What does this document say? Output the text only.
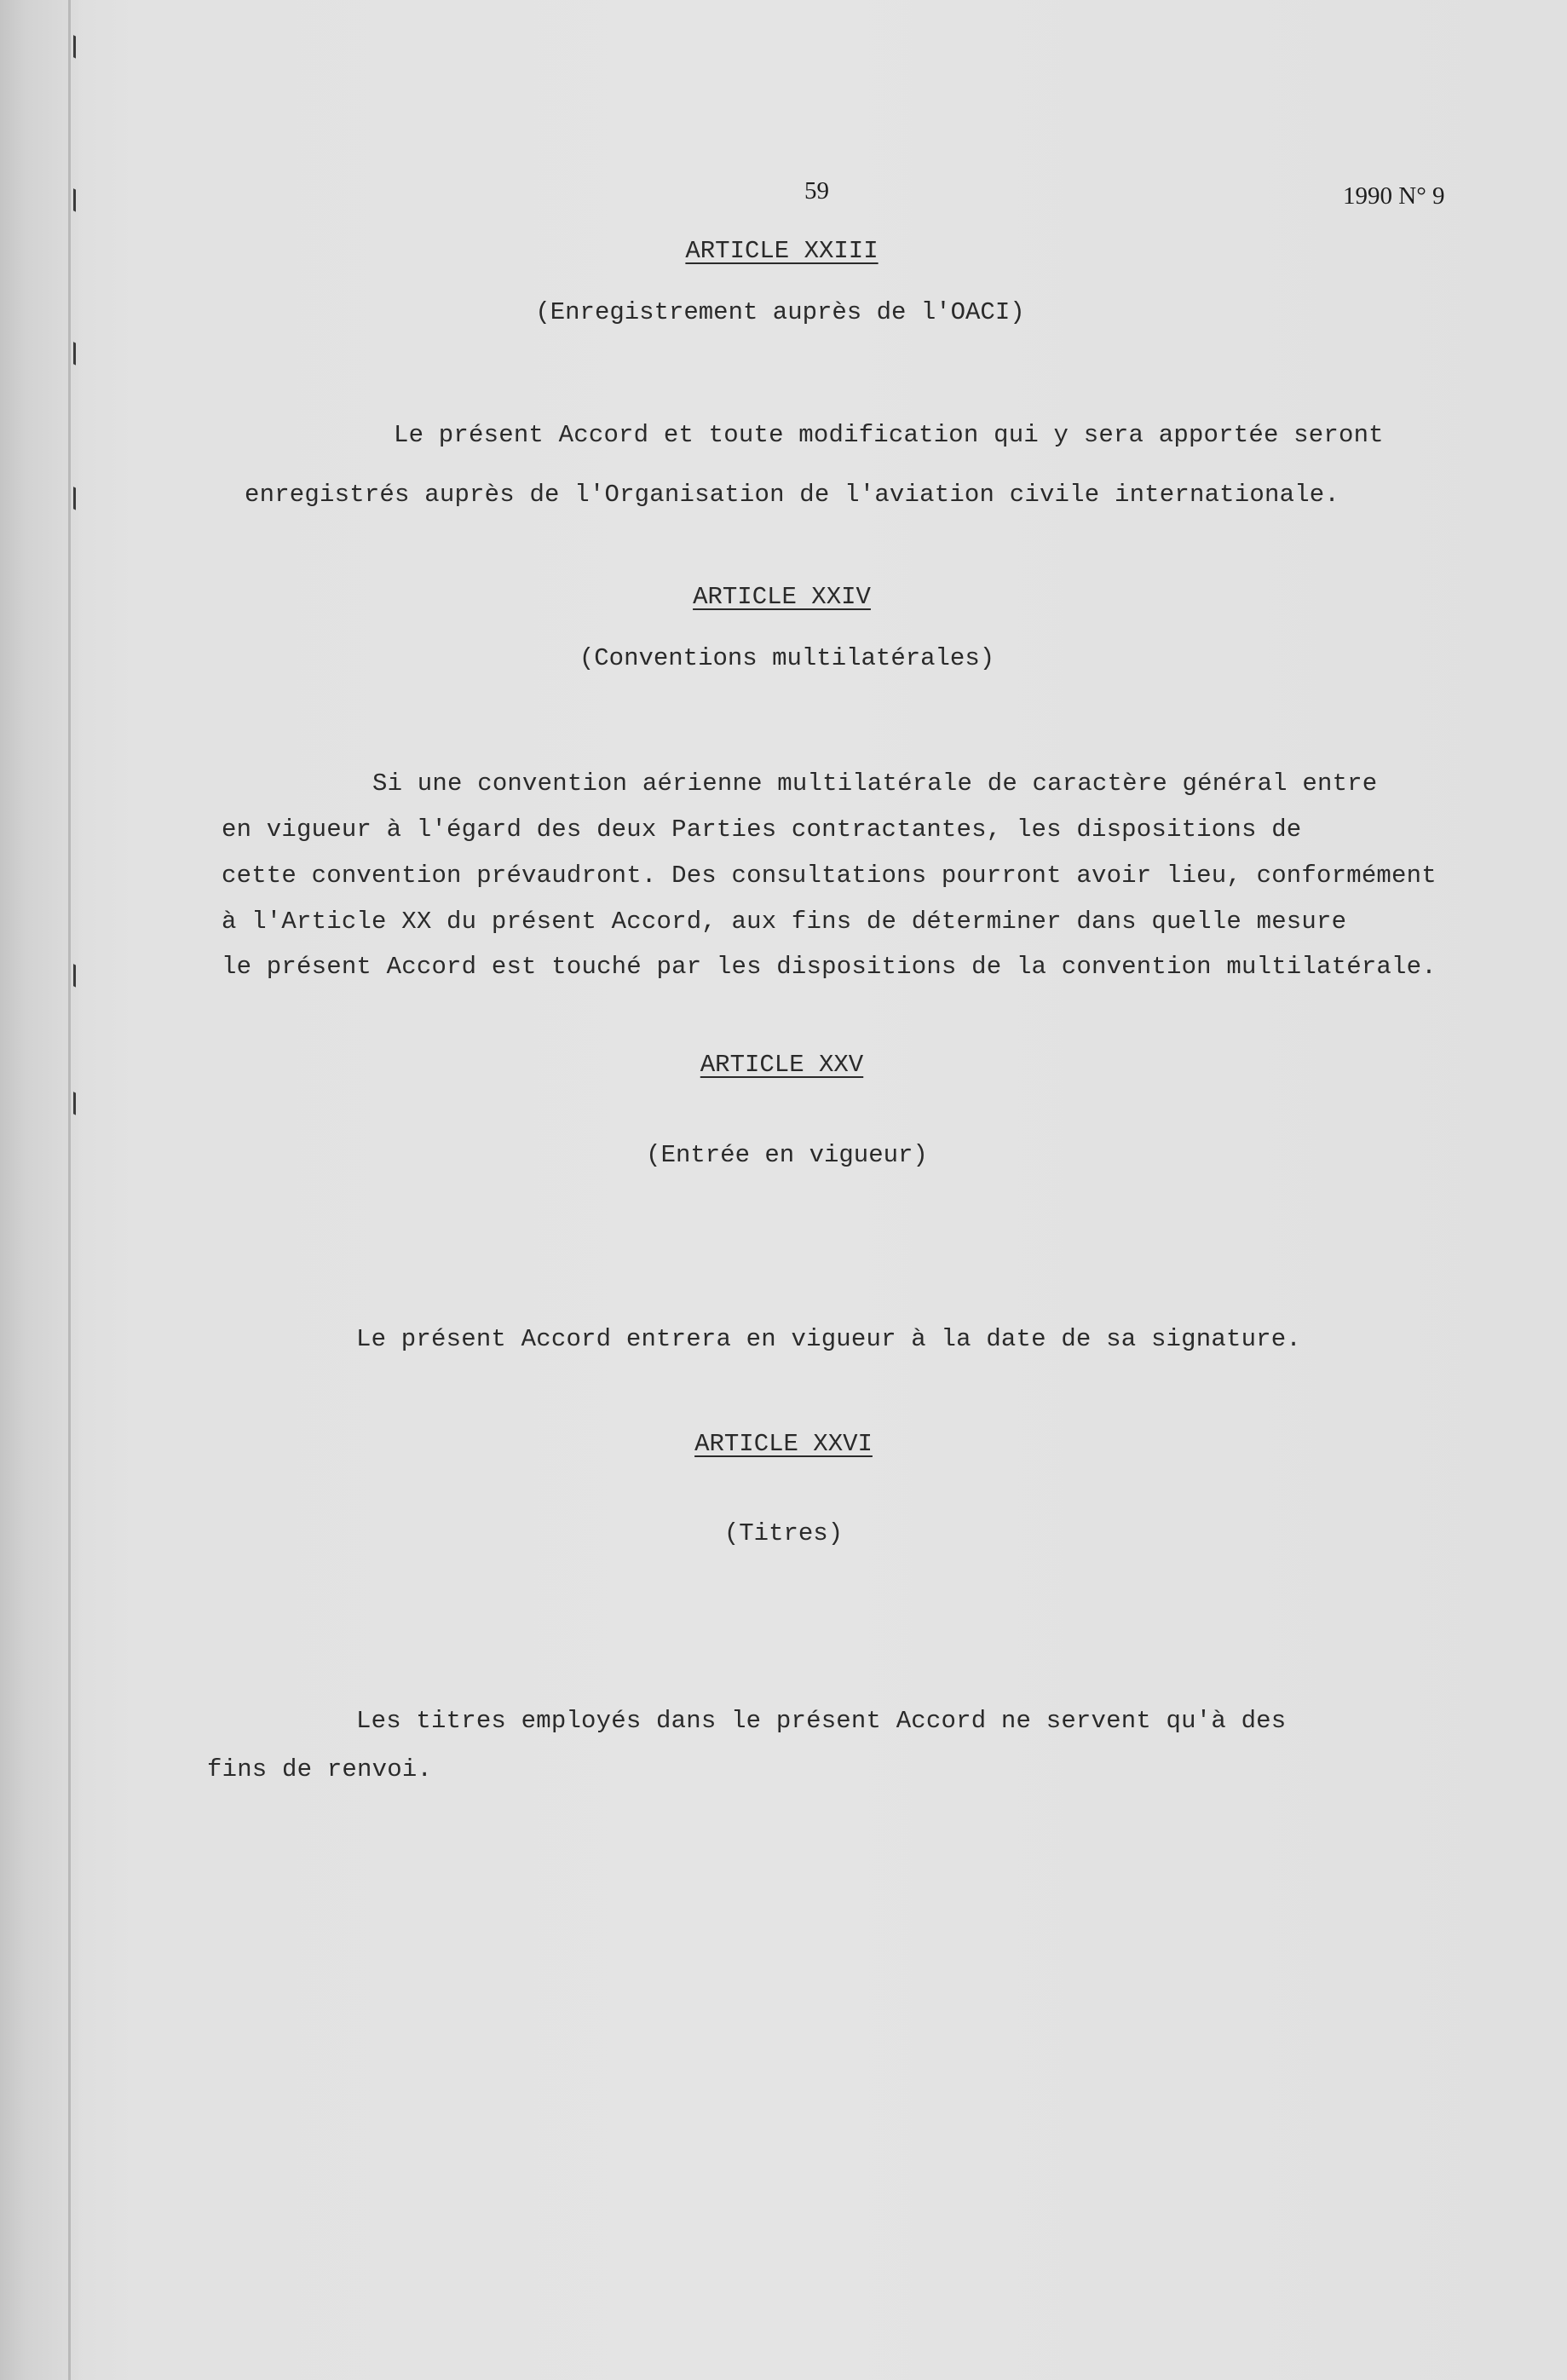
59	1990 N° 9
ARTICLE XXIII
(Enregistrement auprès de l'OACI)
Le présent Accord et toute modification qui y sera apportée seront
enregistrés auprès de l'Organisation de l'aviation civile internationale.
ARTICLE XXIV
(Conventions multilatérales)
Si une convention aérienne multilatérale de caractère général entre
en vigueur à l'égard des deux Parties contractantes, les dispositions de
cette convention prévaudront. Des consultations pourront avoir lieu, conformément
à l'Article XX du présent Accord, aux fins de déterminer dans quelle mesure
le présent Accord est touché par les dispositions de la convention multilatérale.
ARTICLE XXV
(Entrée en vigueur)
Le présent Accord entrera en vigueur à la date de sa signature.
ARTICLE XXVI
(Titres)
Les titres employés dans le présent Accord ne servent qu'à des
fins de renvoi.
